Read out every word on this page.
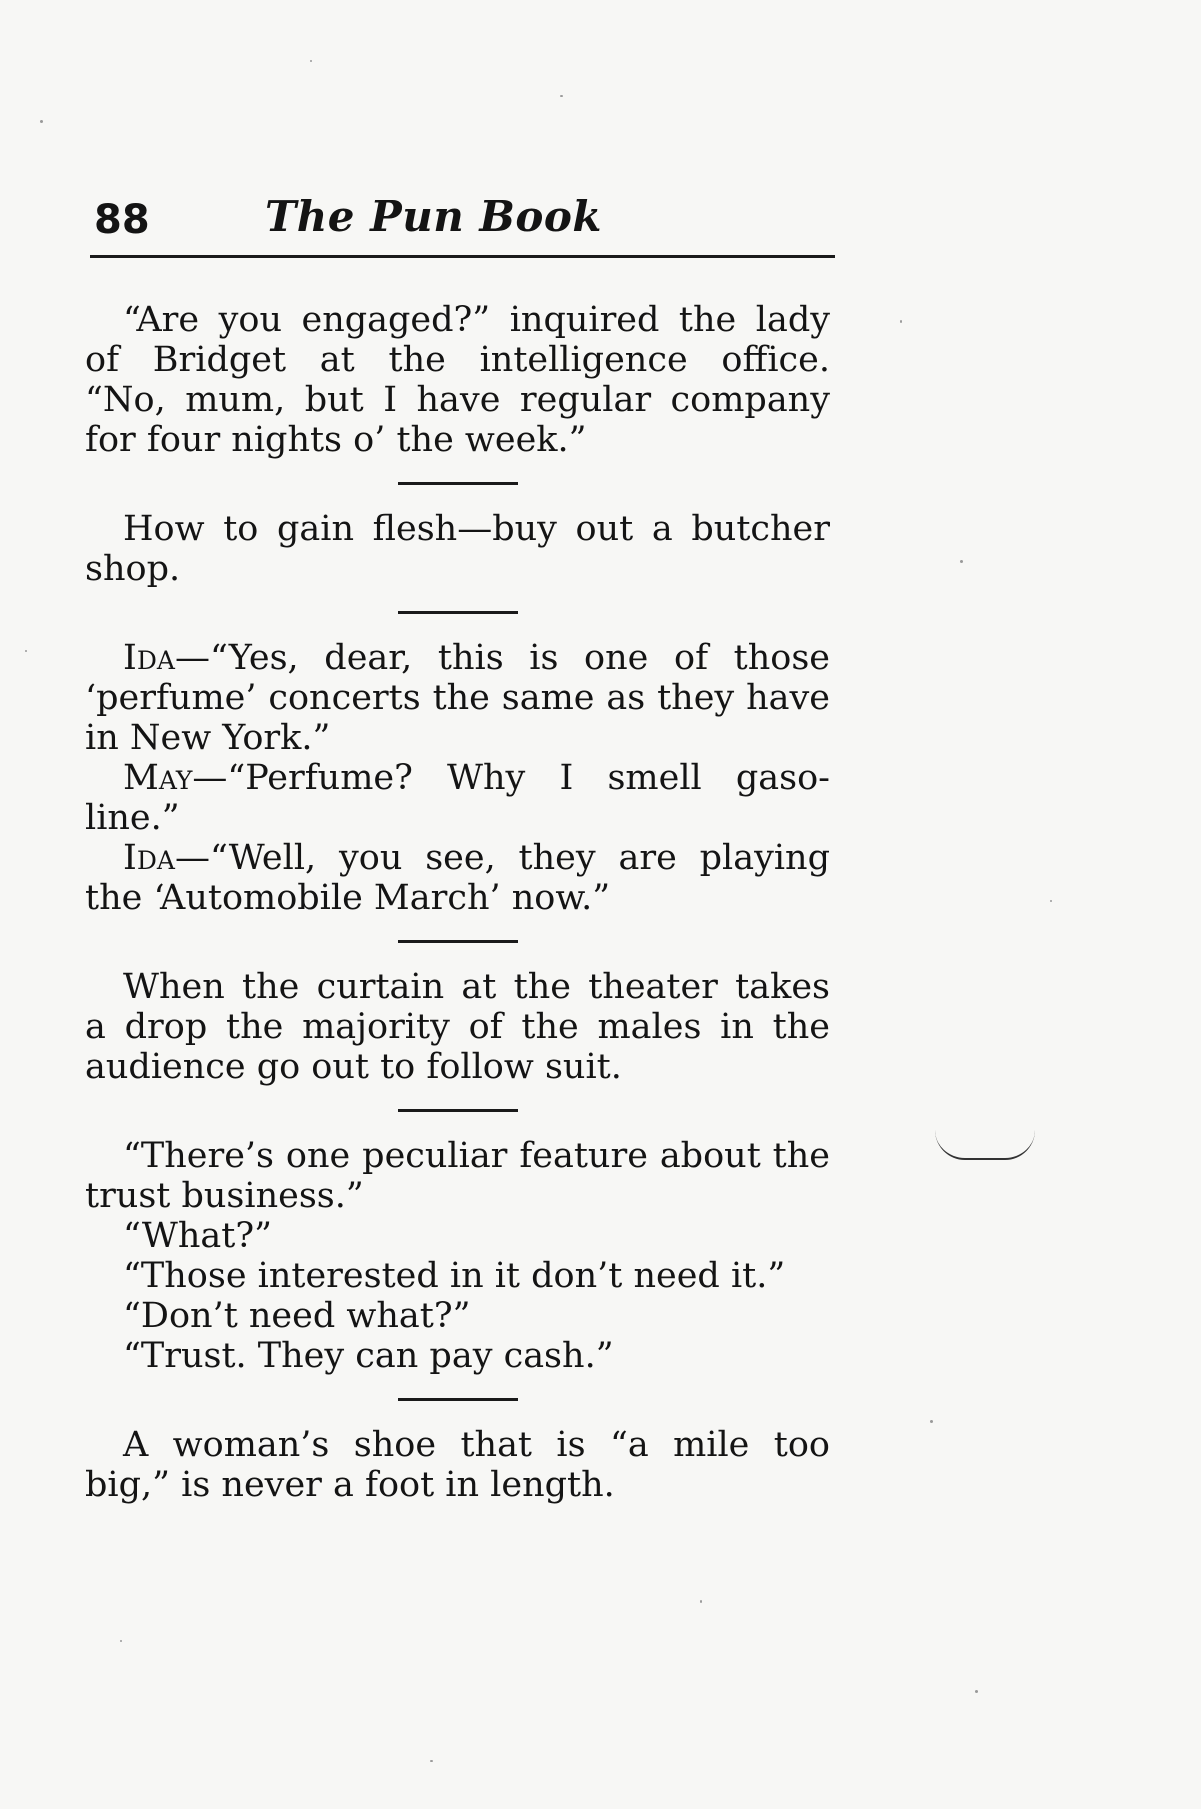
88	The Pun Book
“Are you engaged?” inquired the lady
of Bridget at the intelligence office.
“No, mum, but I have regular company
for four nights o’ the week.”
How to gain flesh—buy out a butcher
shop.
Ida—“Yes, dear, this is one of those
‘perfume’ concerts the same as they have
in New York.”
May—“Perfume? Why I smell gaso-
line.”
Ida—“Well, you see, they are playing
the ‘Automobile March’ now.”
When the curtain at the theater takes
a drop the majority of the males in the
audience go out to follow suit.
“There’s one peculiar feature about the
trust business.”
“What?”
“Those interested in it don’t need it.”
“Don’t need what?”
“Trust. They can pay cash.”
A woman’s shoe that is “a mile too
big,” is never a foot in length.
